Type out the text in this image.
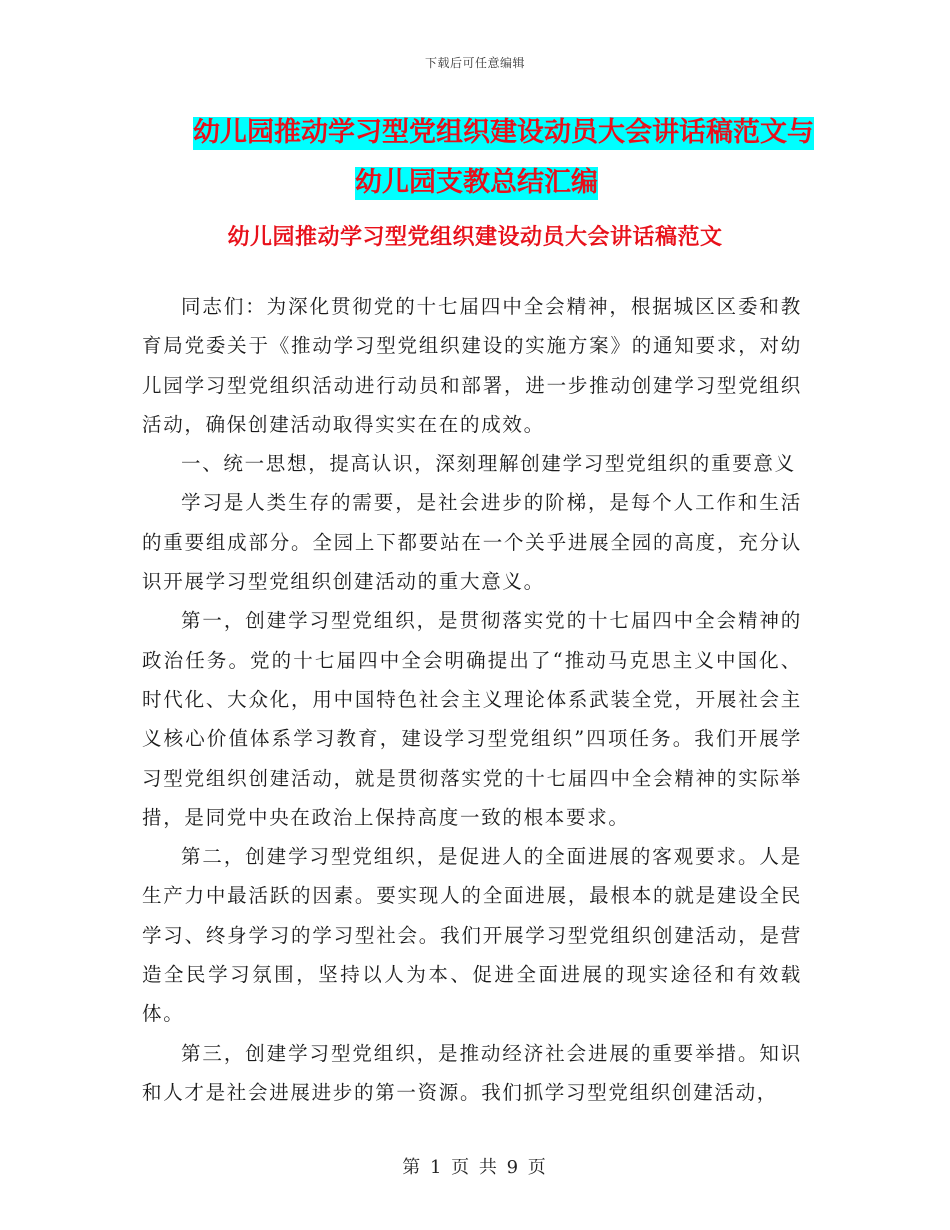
下载后可任意编辑
幼儿园推动学习型党组织建设动员大会讲话稿范文与
幼儿园支教总结汇编
幼儿园推动学习型党组织建设动员大会讲话稿范文

同志们：为深化贯彻党的十七届四中全会精神，根据城区区委和教育局党委关于《推动学习型党组织建设的实施方案》的通知要求，对幼儿园学习型党组织活动进行动员和部署，进一步推动创建学习型党组织活动，确保创建活动取得实实在在的成效。

一、统一思想，提高认识，深刻理解创建学习型党组织的重要意义

学习是人类生存的需要，是社会进步的阶梯，是每个人工作和生活的重要组成部分。全园上下都要站在一个关乎进展全园的高度，充分认识开展学习型党组织创建活动的重大意义。

第一，创建学习型党组织，是贯彻落实党的十七届四中全会精神的政治任务。党的十七届四中全会明确提出了“推动马克思主义中国化、时代化、大众化，用中国特色社会主义理论体系武装全党，开展社会主义核心价值体系学习教育，建设学习型党组织”四项任务。我们开展学习型党组织创建活动，就是贯彻落实党的十七届四中全会精神的实际举措，是同党中央在政治上保持高度一致的根本要求。

第二，创建学习型党组织，是促进人的全面进展的客观要求。人是生产力中最活跃的因素。要实现人的全面进展，最根本的就是建设全民学习、终身学习的学习型社会。我们开展学习型党组织创建活动，是营造全民学习氛围，坚持以人为本、促进全面进展的现实途径和有效载体。

第三，创建学习型党组织，是推动经济社会进展的重要举措。知识和人才是社会进展进步的第一资源。我们抓学习型党组织创建活动，

第 1 页 共 9 页
